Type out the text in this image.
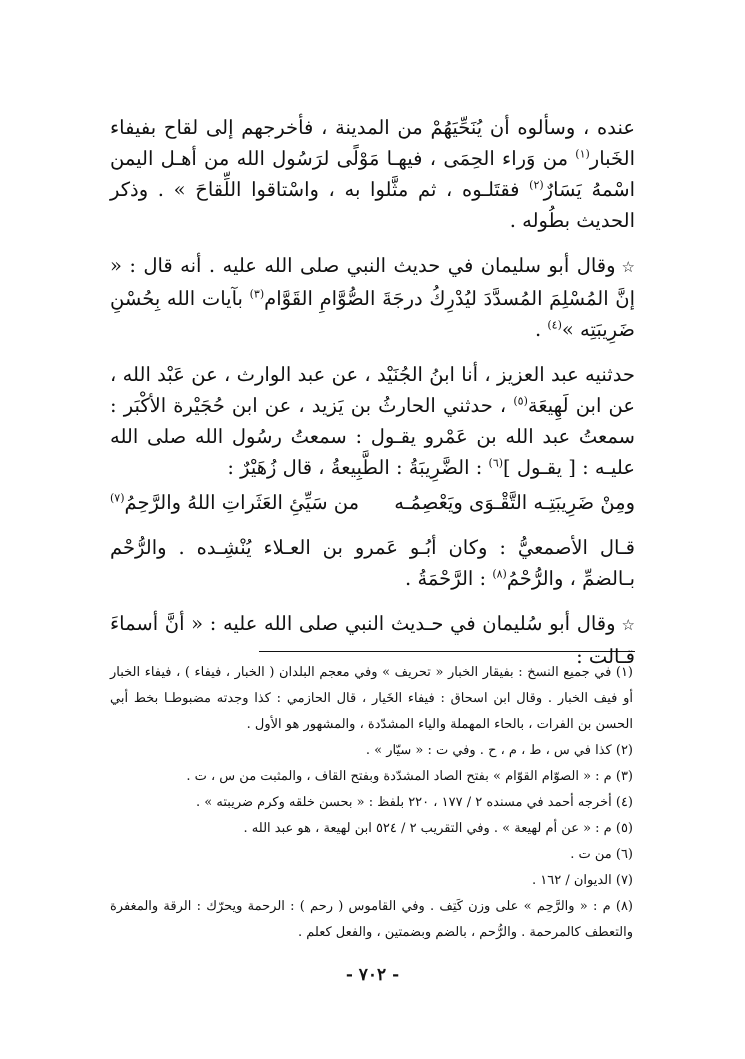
عنده ، وسألوه أن يُنَحِّيَهُمْ من المدينة ، فأخرجهم إلى لقاح بفيفاء الخَبار$^{(١)}$ من وَراء الحِمَى ، فيهـا مَوْلًى لرَسُول الله من أهـل اليمن اسْمهُ يَسَارٌ$^{(٢)}$ فقتَلـوه ، ثم مثَّلوا به ، واسْتاقوا اللِّقاحَ » . وذكر الحديث بطُوله .

☆وقال أبو سليمان في حديث النبي صلى الله عليه . أنه قال : « إنَّ المُسْلِمَ المُسدَّدَ ليُدْرِكُ درجَةَ الصُّوَّامِ القَوَّام$^{(٣)}$ بآيات الله بِحُسْنِ ضَرِيبَتِه »$^{(٤)}$ .

حدثنيه عبد العزيز ، أنا ابنُ الجُنَيْد ، عن عبد الوارث ، عن عَبْد الله ، عن ابن لَهِيعَة$^{(٥)}$ ، حدثني الحارثُ بن يَزيد ، عن ابن حُجَيْرة الأكْبَر : سمعتُ عبد الله بن عَمْرو يقـول : سمعتُ رسُول الله صلى الله عليـه : [ يقـول ]$^{(٦)}$ : الضَّرِيبَةُ : الطَّبِيعةُ ، قال زُهَيْرٌ :

ومِنْ ضَرِيبَتِـه التَّقْـوَى ويَعْصِمُـه
من سَيِّئِ العَثَراتِ اللهُ والرَّحِمُ$^{(٧)}$

قـال الأصمعيُّ : وكان أبُـو عَمرو بن العـلاء يُنْشِـده . والرُّحْم بـالضمِّ ، والرُّحْمُ$^{(٨)}$ : الرَّحْمَةُ .

☆وقال أبو سُليمان في حـديث النبي صلى الله عليه : « أنَّ أسماءَ قـالت :

(١) في جميع النسخ : بفيقار الخبار « تحريف » وفي معجم البلدان ( الخبار ، فيفاء ) ، فيفاء الخبار أو فيف الخبار . وقال ابن اسحاق : فيفاء الخَيار ، قال الحازمي : كذا وجدته مضبوطـا بخط أبي الحسن بن الفرات ، بالحاء المهملة والياء المشدّدة ، والمشهور هو الأول .

(٢) كذا في س ، ط ، م ، ح . وفي ت : « سيّار » .

(٣) م : « الصوّام القوّام » بفتح الصاد المشدّدة وبفتح القاف ، والمثبت من س ، ت .

(٤) أخرجه أحمد في مسنده ٢ / ١٧٧ ، ٢٢٠ بلفظ : « بحسن خلقه وكرم ضريبته » .

(٥) م : « عن أم لهيعة » . وفي التقريب ٢ / ٥٢٤ ابن لهيعة ، هو عبد الله .

(٦) من ت .

(٧) الديوان / ١٦٢ .

(٨) م : « والرَّحِم » على وزن كَتِف . وفي القاموس ( رحم ) : الرحمة ويحرّك : الرقة والمغفرة والتعطف كالمرحمة . والرُّحم ، بالضم وبضمتين ، والفعل كعلم .

- ٧٠٢ -
